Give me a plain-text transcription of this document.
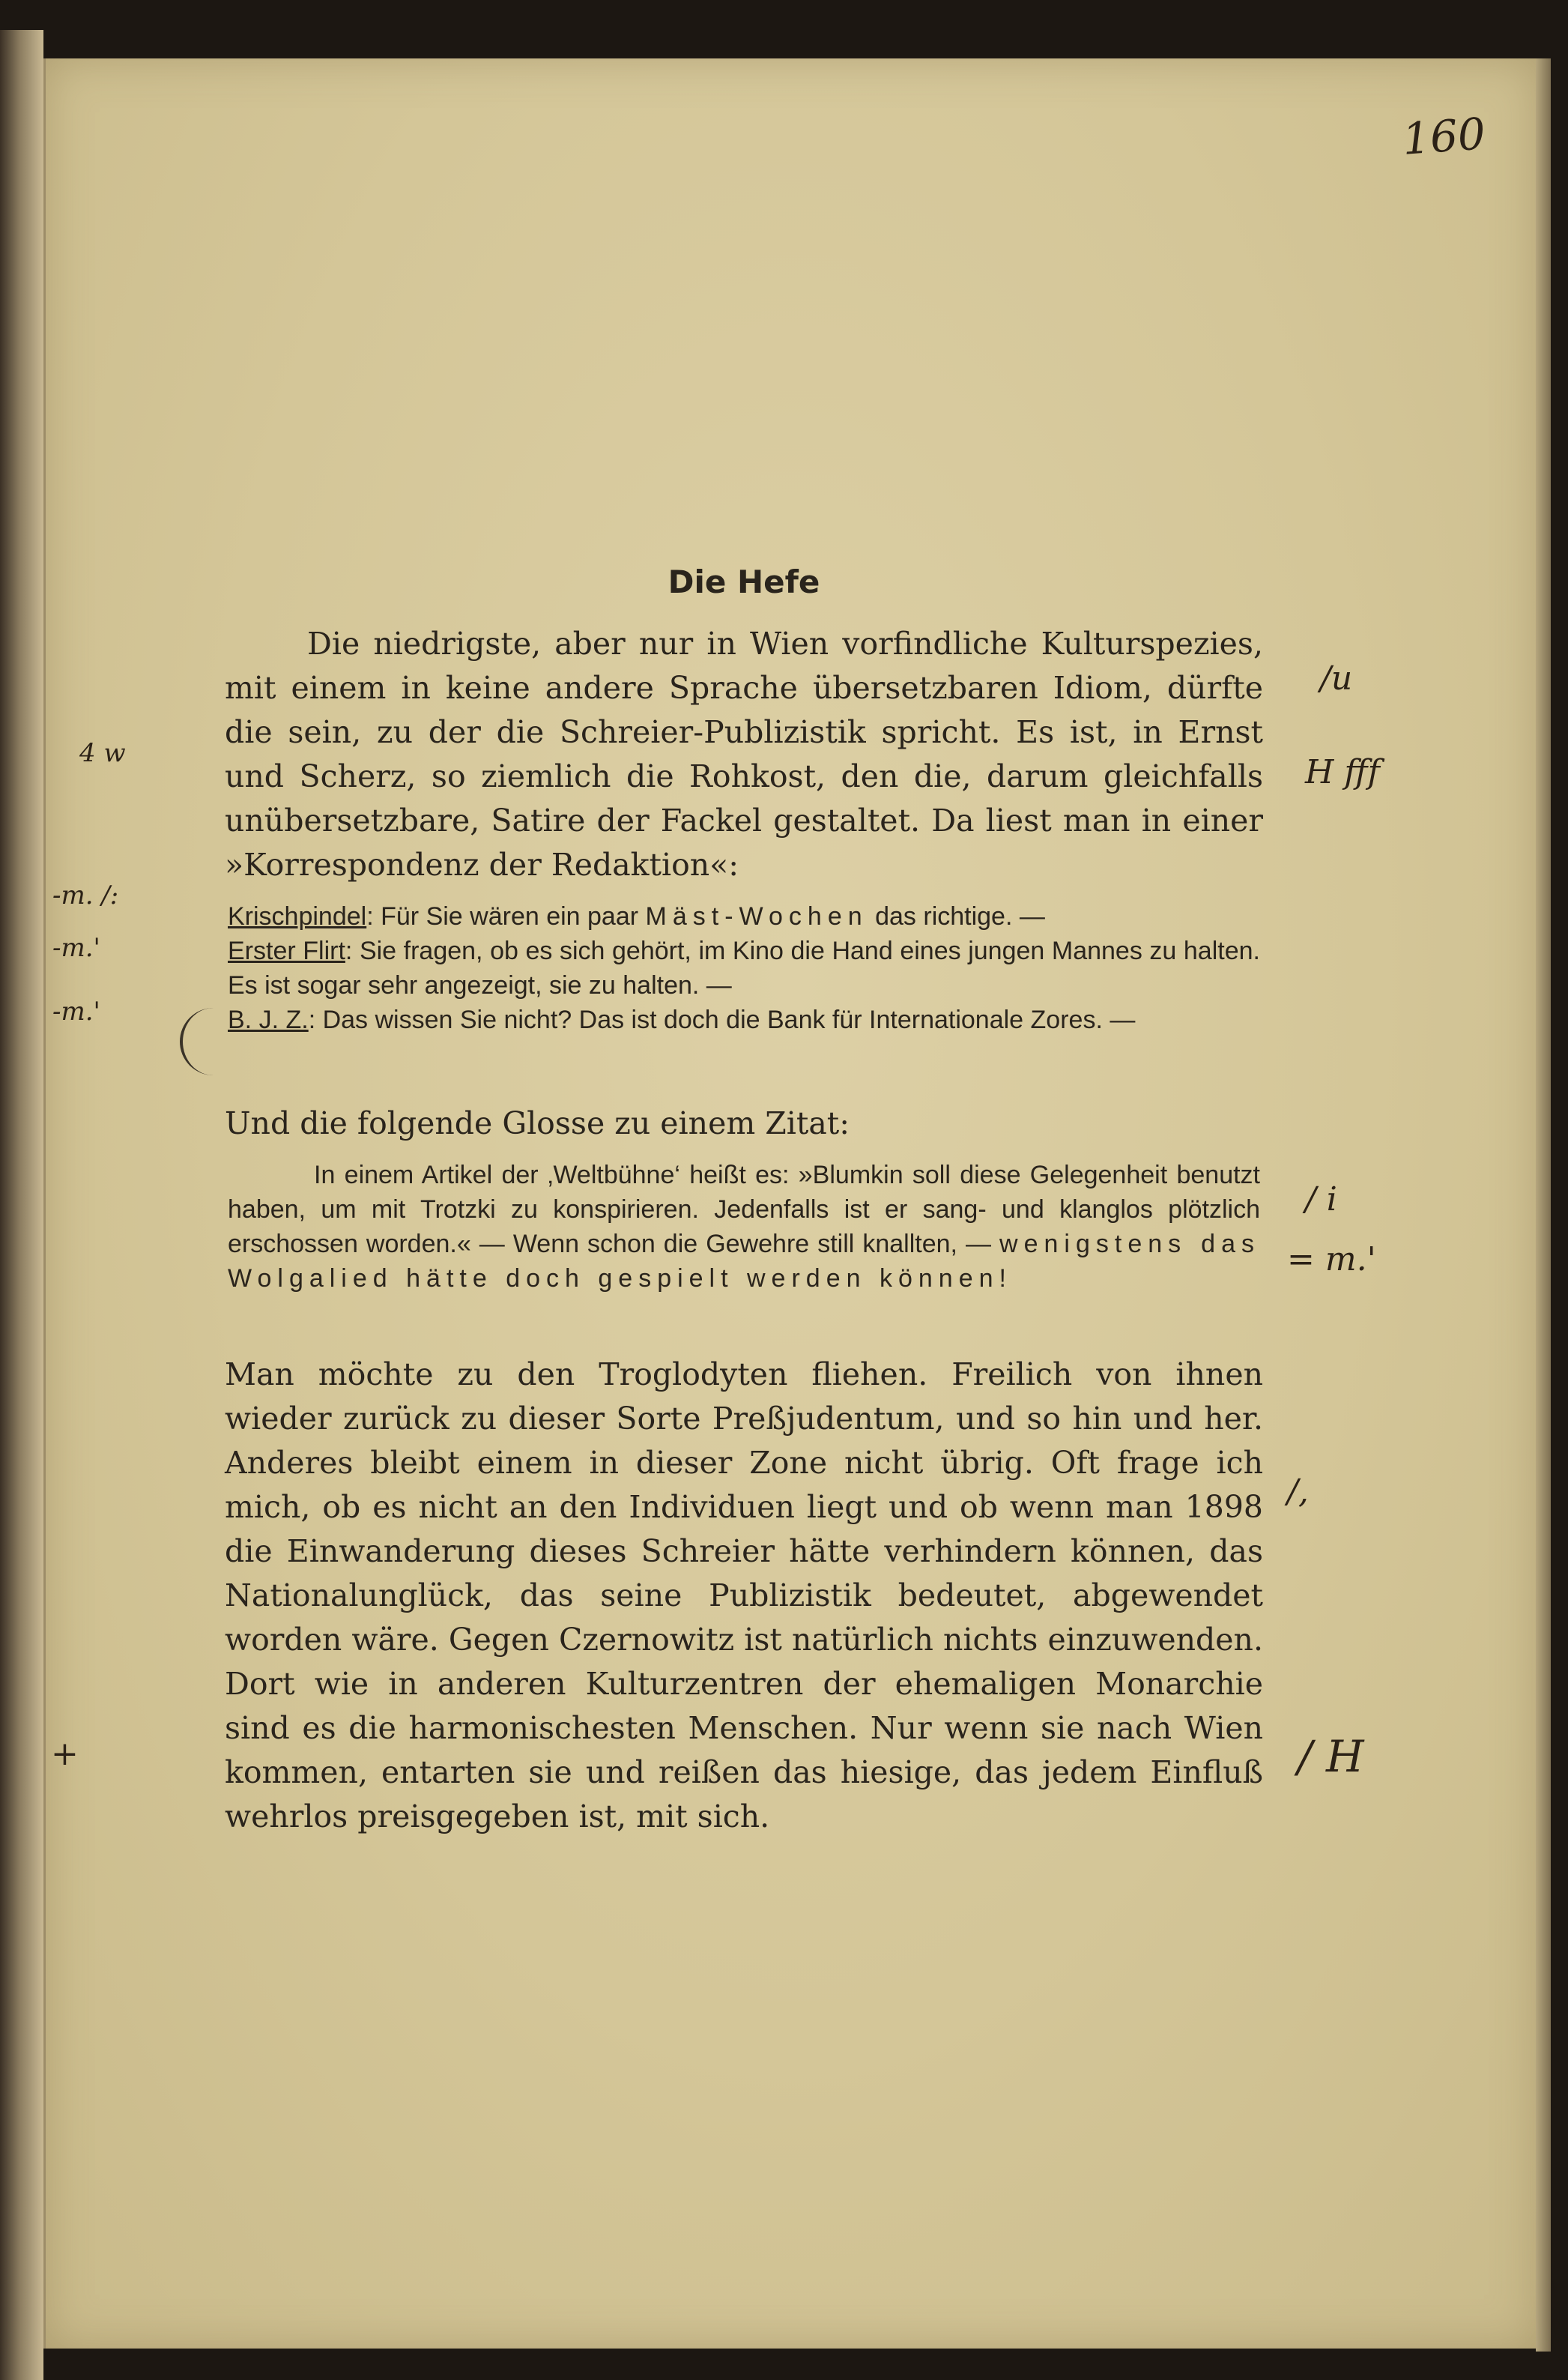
160
Die Hefe
Die niedrigste, aber nur in Wien vorfindliche Kulturspezies, mit einem in keine andere Sprache übersetzbaren Idiom, dürfte die sein, zu der die Schreier-Publizistik spricht. Es ist, in Ernst und Scherz, so ziemlich die Rohkost, den die, darum gleichfalls unübersetzbare, Satire der Fackel gestaltet. Da liest man in einer »Korrespondenz der Redaktion«:
Krischpindel: Für Sie wären ein paar Mäst-Wochen das richtige. —
Erster Flirt: Sie fragen, ob es sich gehört, im Kino die Hand eines jungen Mannes zu halten. Es ist sogar sehr angezeigt, sie zu halten. —
B. J. Z.: Das wissen Sie nicht? Das ist doch die Bank für Internationale Zores. —
Und die folgende Glosse zu einem Zitat:
In einem Artikel der ‚Weltbühne‘ heißt es: »Blumkin soll diese Gelegenheit benutzt haben, um mit Trotzki zu konspirieren. Jedenfalls ist er sang- und klanglos plötzlich erschossen worden.« — Wenn schon die Gewehre still knallten, — wenigstens das Wolgalied hätte doch gespielt werden können!
Man möchte zu den Troglodyten fliehen. Freilich von ihnen wieder zurück zu dieser Sorte Preßjudentum, und so hin und her. Anderes bleibt einem in dieser Zone nicht übrig. Oft frage ich mich, ob es nicht an den Individuen liegt und ob wenn man 1898 die Einwanderung dieses Schreier hätte verhindern können, das Nationalunglück, das seine Publizistik bedeutet, abgewendet worden wäre. Gegen Czernowitz ist natürlich nichts einzuwenden. Dort wie in anderen Kulturzentren der ehemaligen Monarchie sind es die harmonischesten Menschen. Nur wenn sie nach Wien kommen, entarten sie und reißen das hiesige, das jedem Einfluß wehrlos preisgegeben ist, mit sich.
/u
H fff
/ i
= m.'
/,
/ H
4 w
-m. /:
-m.'
-m.'
+
